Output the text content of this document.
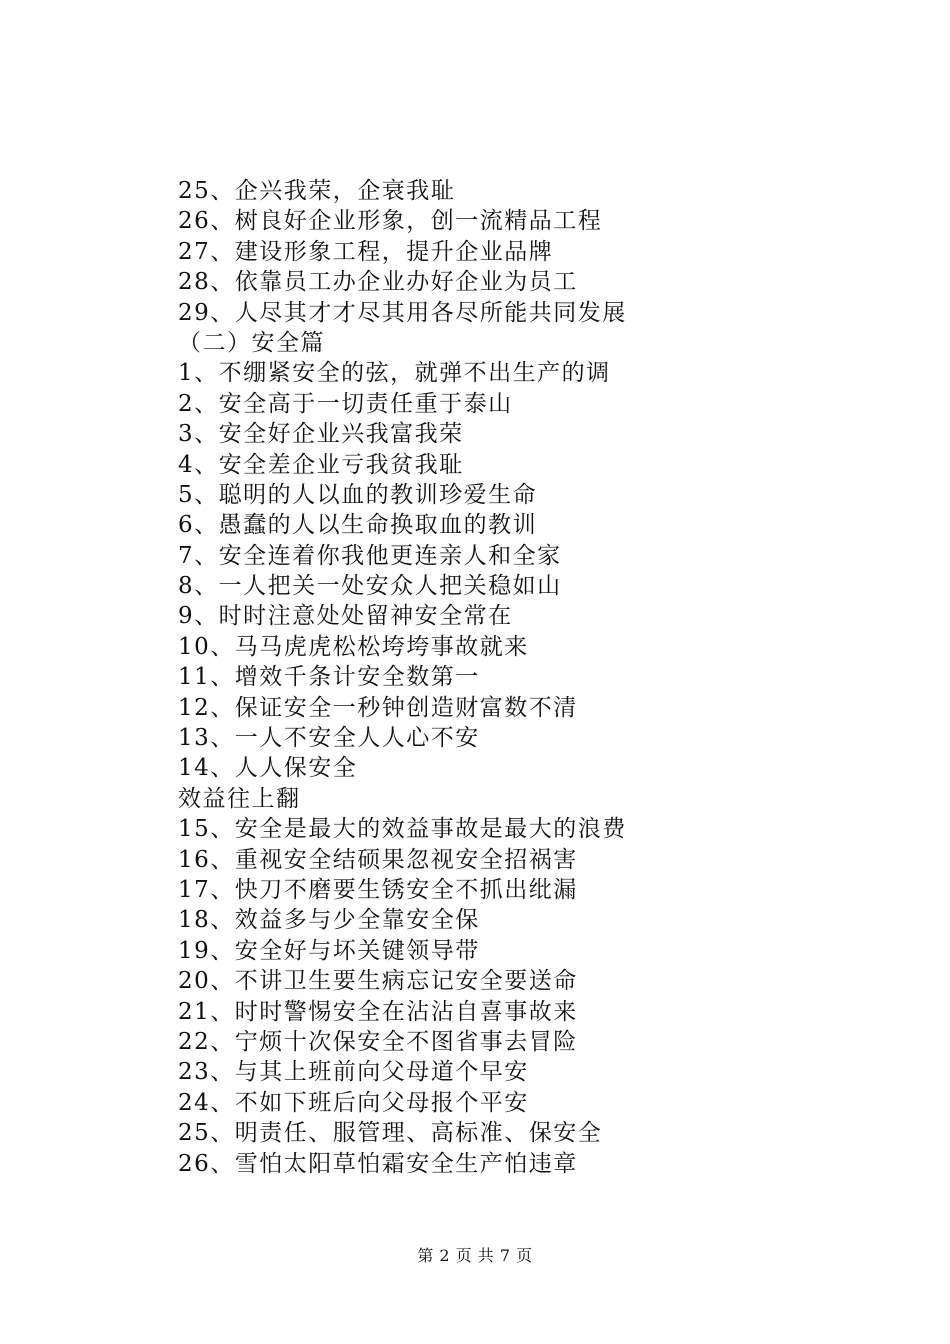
25、企兴我荣，企衰我耻
26、树良好企业形象，创一流精品工程
27、建设形象工程，提升企业品牌
28、依靠员工办企业办好企业为员工
29、人尽其才才尽其用各尽所能共同发展
（二）安全篇
1、不绷紧安全的弦，就弹不出生产的调
2、安全高于一切责任重于泰山
3、安全好企业兴我富我荣
4、安全差企业亏我贫我耻
5、聪明的人以血的教训珍爱生命
6、愚蠢的人以生命换取血的教训
7、安全连着你我他更连亲人和全家
8、一人把关一处安众人把关稳如山
9、时时注意处处留神安全常在
10、马马虎虎松松垮垮事故就来
11、增效千条计安全数第一
12、保证安全一秒钟创造财富数不清
13、一人不安全人人心不安
14、人人保安全
效益往上翻
15、安全是最大的效益事故是最大的浪费
16、重视安全结硕果忽视安全招祸害
17、快刀不磨要生锈安全不抓出纰漏
18、效益多与少全靠安全保
19、安全好与坏关键领导带
20、不讲卫生要生病忘记安全要送命
21、时时警惕安全在沾沾自喜事故来
22、宁烦十次保安全不图省事去冒险
23、与其上班前向父母道个早安
24、不如下班后向父母报个平安
25、明责任、服管理、高标准、保安全
26、雪怕太阳草怕霜安全生产怕违章
第 2 页 共 7 页
